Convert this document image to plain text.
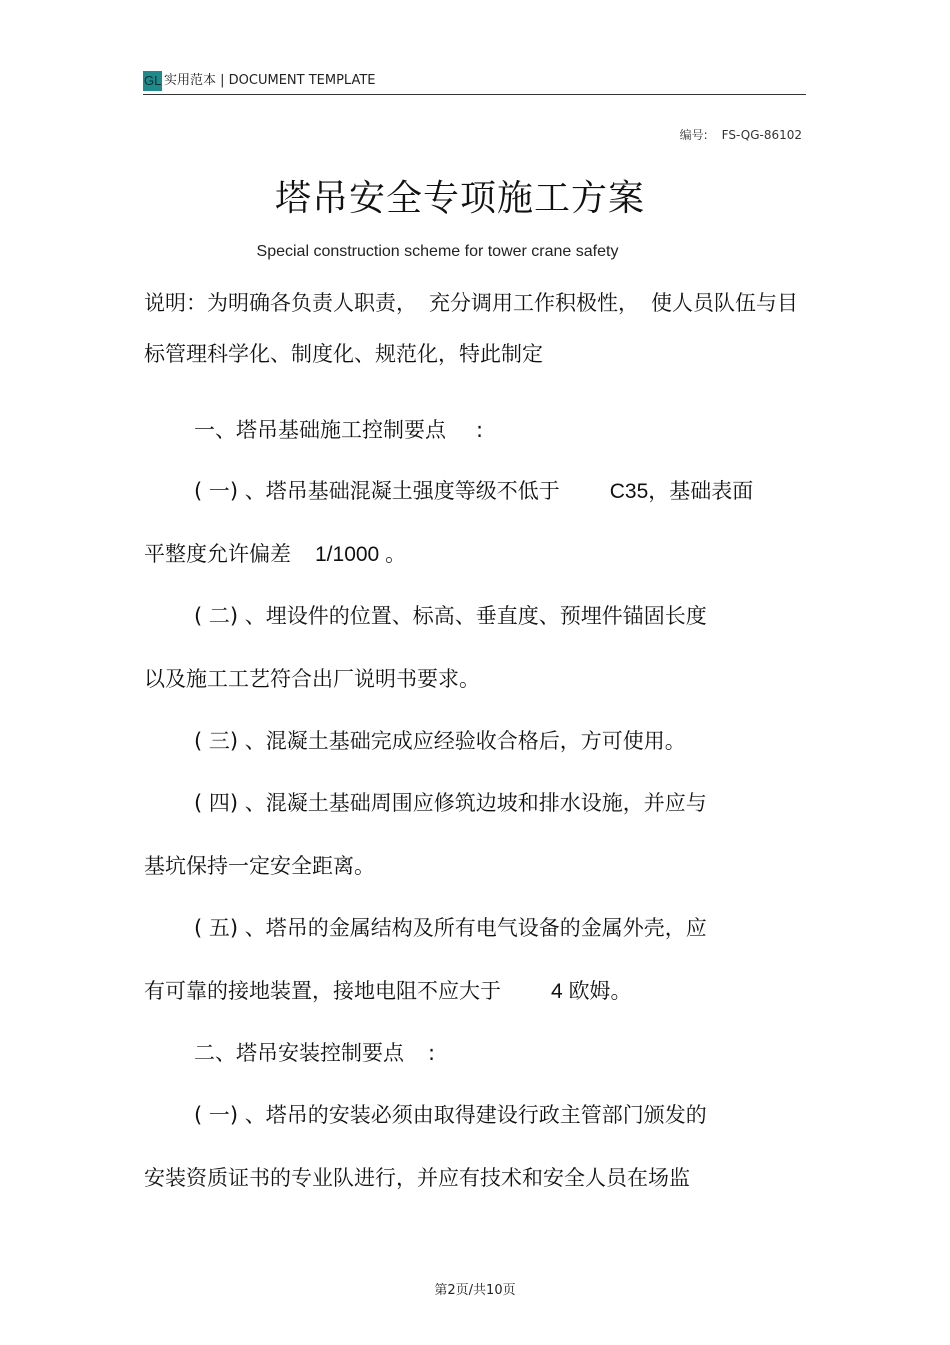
GL 实用范本 | DOCUMENT TEMPLATE
编号: FS-QG-86102
塔吊安全专项施工方案
Special construction scheme for tower crane safety
说明：为明确各负责人职责， 充分调用工作积极性， 使人员队伍与目
标管理科学化、制度化、规范化，特此制定
一、塔吊基础施工控制要点 :
( 一) 、塔吊基础混凝土强度等级不低于 C35，基础表面
平整度允许偏差 1/1000 。
( 二) 、埋设件的位置、标高、垂直度、预埋件锚固长度
以及施工工艺符合出厂说明书要求。
( 三) 、混凝土基础完成应经验收合格后，方可使用。
( 四) 、混凝土基础周围应修筑边坡和排水设施，并应与
基坑保持一定安全距离。
( 五) 、塔吊的金属结构及所有电气设备的金属外壳，应
有可靠的接地装置，接地电阻不应大于 4 欧姆。
二、塔吊安装控制要点 :
( 一) 、塔吊的安装必须由取得建设行政主管部门颁发的
安装资质证书的专业队进行，并应有技术和安全人员在场监
第2页/共10页
